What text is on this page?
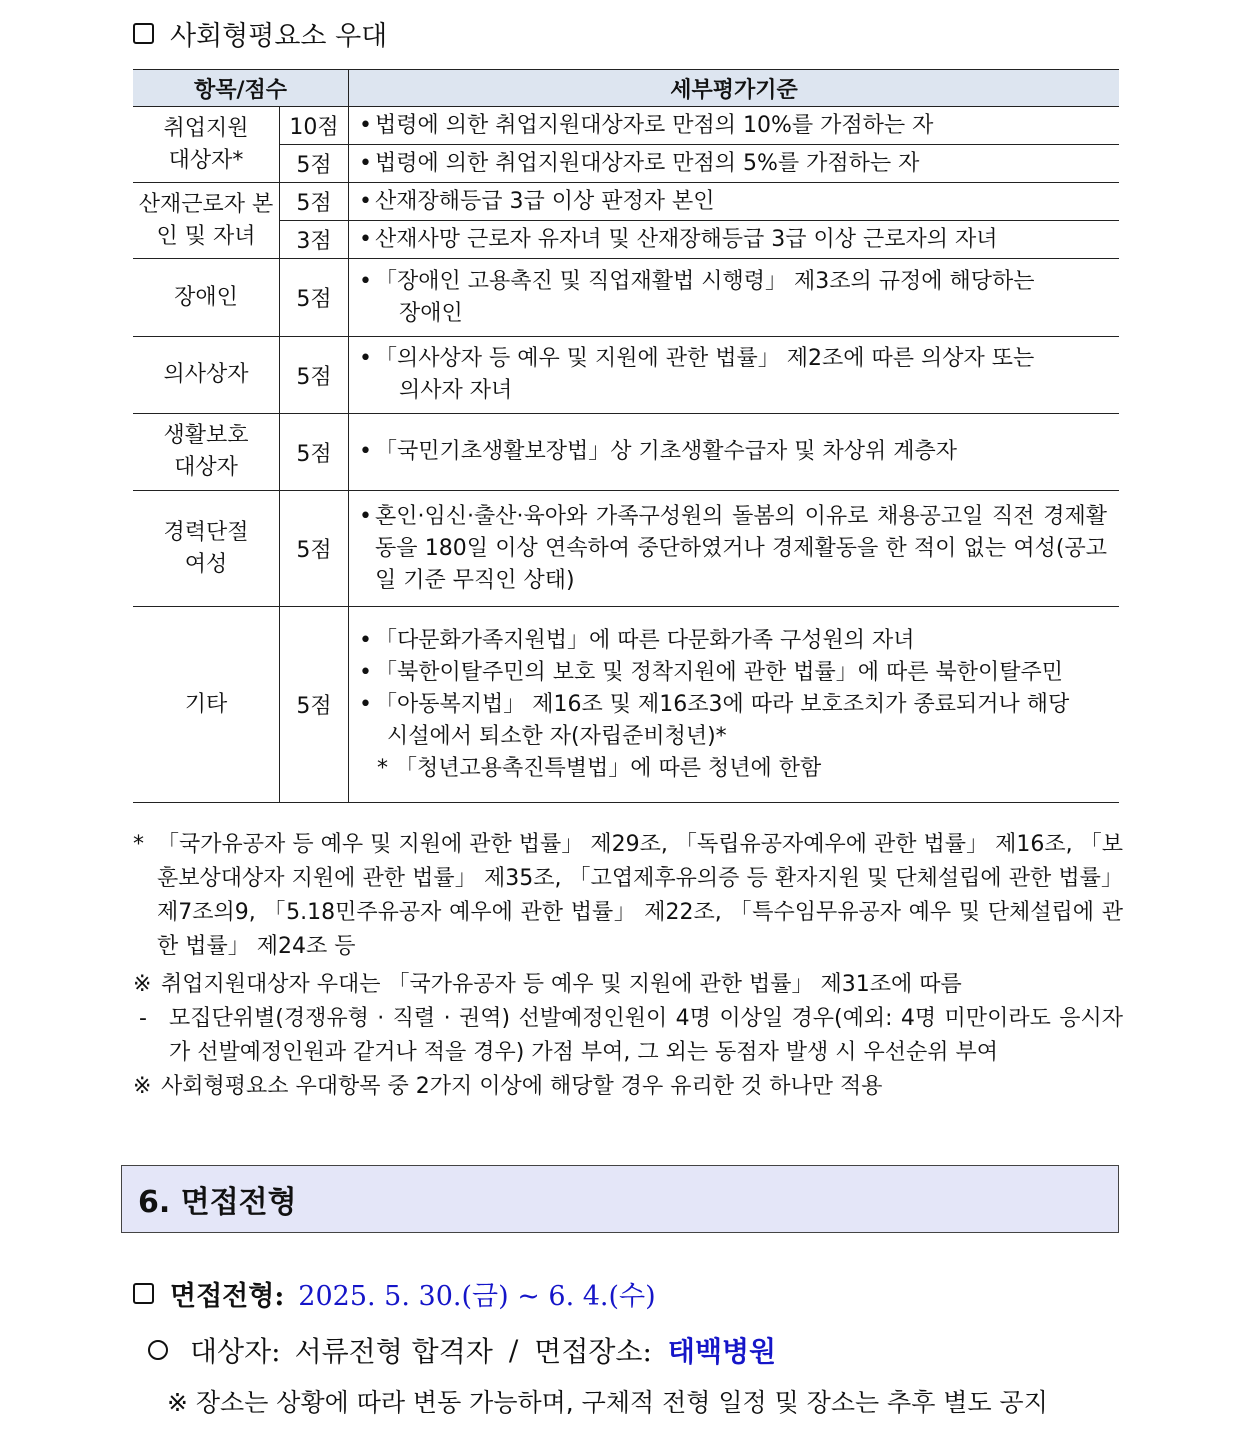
사회형평요소 우대
항목/점수		세부평가기준
취업지원 대상자*	10점	• 법령에 의한 취업지원대상자로 만점의 10%를 가점하는 자

	5점	• 법령에 의한 취업지원대상자로 만점의 5%를 가점하는 자

산재근로자 본인 및 자녀	5점	• 산재장해등급 3급 이상 판정자 본인

	3점	• 산재사망 근로자 유자녀 및 산재장해등급 3급 이상 근로자의 자녀

장애인	5점	• 「장애인 고용촉진 및 직업재활법 시행령」 제3조의 규정에 해당하는
장애인

의사상자	5점	• 「의사상자 등 예우 및 지원에 관한 법률」 제2조에 따른 의상자 또는
의사자 자녀

생활보호 대상자	5점	• 「국민기초생활보장법」상 기초생활수급자 및 차상위 계층자

경력단절 여성	5점	• 혼인·임신·출산·육아와 가족구성원의 돌봄의 이유로 채용공고일 직전 경제활동을 180일 이상 연속하여 중단하였거나 경제활동을 한 적이 없는 여성(공고일 기준 무직인 상태)

기타	5점	• 「다문화가족지원법」에 따른 다문화가족 구성원의 자녀
• 「북한이탈주민의 보호 및 정착지원에 관한 법률」에 따른 북한이탈주민
• 「아동복지법」 제16조 및 제16조3에 따라 보호조치가 종료되거나 해당
시설에서 퇴소한 자(자립준비청년)*
* 「청년고용촉진특별법」에 따른 청년에 한함
* 「국가유공자 등 예우 및 지원에 관한 법률」 제29조, 「독립유공자예우에 관한 법률」 제16조, 「보훈보상대상자 지원에 관한 법률」 제35조, 「고엽제후유의증 등 환자지원 및 단체설립에 관한 법률」 제7조의9, 「5.18민주유공자 예우에 관한 법률」 제22조, 「특수임무유공자 예우 및 단체설립에 관한 법률」 제24조 등
※ 취업지원대상자 우대는 「국가유공자 등 예우 및 지원에 관한 법률」 제31조에 따름
- 모집단위별(경쟁유형 · 직렬 · 권역) 선발예정인원이 4명 이상일 경우(예외: 4명 미만이라도 응시자가 선발예정인원과 같거나 적을 경우) 가점 부여, 그 외는 동점자 발생 시 우선순위 부여
※ 사회형평요소 우대항목 중 2가지 이상에 해당할 경우 유리한 것 하나만 적용
6. 면접전형
면접전형: 2025. 5. 30.(금) ~ 6. 4.(수)
대상자: 서류전형 합격자 / 면접장소: 태백병원
※ 장소는 상황에 따라 변동 가능하며, 구체적 전형 일정 및 장소는 추후 별도 공지
